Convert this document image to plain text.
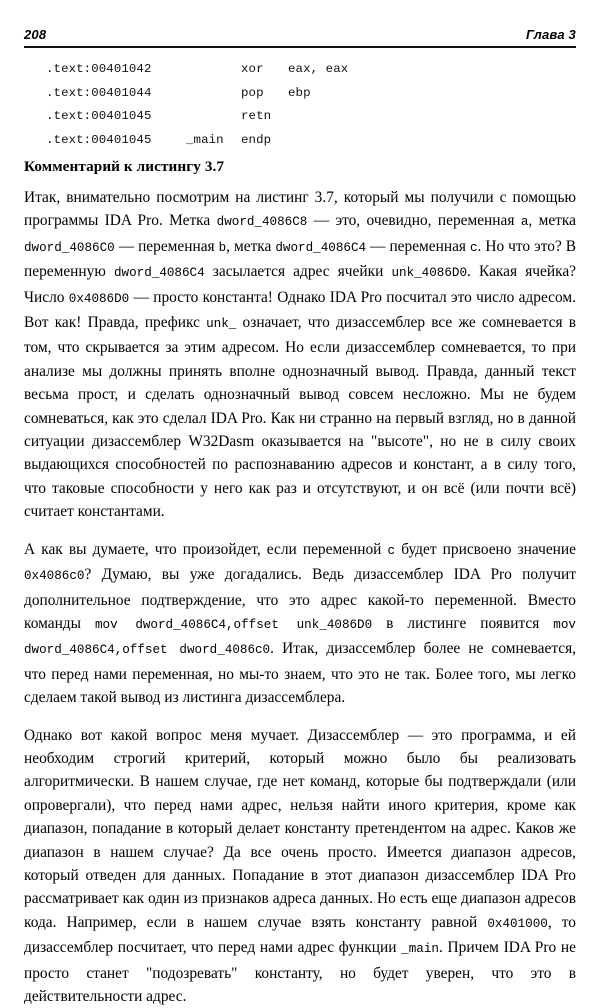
208	Глава 3
.text:00401042	xor eax, eax
.text:00401044	pop ebp
.text:00401045	retn
.text:00401045	_main endp
Комментарий к листингу 3.7

Итак, внимательно посмотрим на листинг 3.7, который мы получили с помощью программы IDA Pro. Метка dword_4086C8 — это, очевидно, переменная a, метка dword_4086C0 — переменная b, метка dword_4086C4 — переменная c. Но что это? В переменную dword_4086C4 засылается адрес ячейки unk_4086D0. Какая ячейка? Число 0x4086D0 — просто константа! Однако IDA Pro посчитал это число адресом. Вот как! Правда, префикс unk_ означает, что дизассемблер все же сомневается в том, что скрывается за этим адресом. Но если дизассемблер сомневается, то при анализе мы должны принять вполне однозначный вывод. Правда, данный текст весьма прост, и сделать однозначный вывод совсем несложно. Мы не будем сомневаться, как это сделал IDA Pro. Как ни странно на первый взгляд, но в данной ситуации дизассемблер W32Dasm оказывается на "высоте", но не в силу своих выдающихся способностей по распознаванию адресов и констант, а в силу того, что таковые способности у него как раз и отсутствуют, и он всё (или почти всё) считает константами.

А как вы думаете, что произойдет, если переменной c будет присвоено значение 0x4086c0? Думаю, вы уже догадались. Ведь дизассемблер IDA Pro получит дополнительное подтверждение, что это адрес какой-то переменной. Вместо команды mov dword_4086C4,offset unk_4086D0 в листинге появится mov dword_4086C4,offset dword_4086c0. Итак, дизассемблер более не сомневается, что перед нами переменная, но мы-то знаем, что это не так. Более того, мы легко сделаем такой вывод из листинга дизассемблера.

Однако вот какой вопрос меня мучает. Дизассемблер — это программа, и ей необходим строгий критерий, который можно было бы реализовать алгоритмически. В нашем случае, где нет команд, которые бы подтверждали (или опровергали), что перед нами адрес, нельзя найти иного критерия, кроме как диапазон, попадание в который делает константу претендентом на адрес. Каков же диапазон в нашем случае? Да все очень просто. Имеется диапазон адресов, который отведен для данных. Попадание в этот диапазон дизассемблер IDA Pro рассматривает как один из признаков адреса данных. Но есть еще диапазон адресов кода. Например, если в нашем случае взять константу равной 0x401000, то дизассемблер посчитает, что перед нами адрес функции _main. Причем IDA Pro не просто станет "подозревать" константу, но будет уверен, что это в действительности адрес.
